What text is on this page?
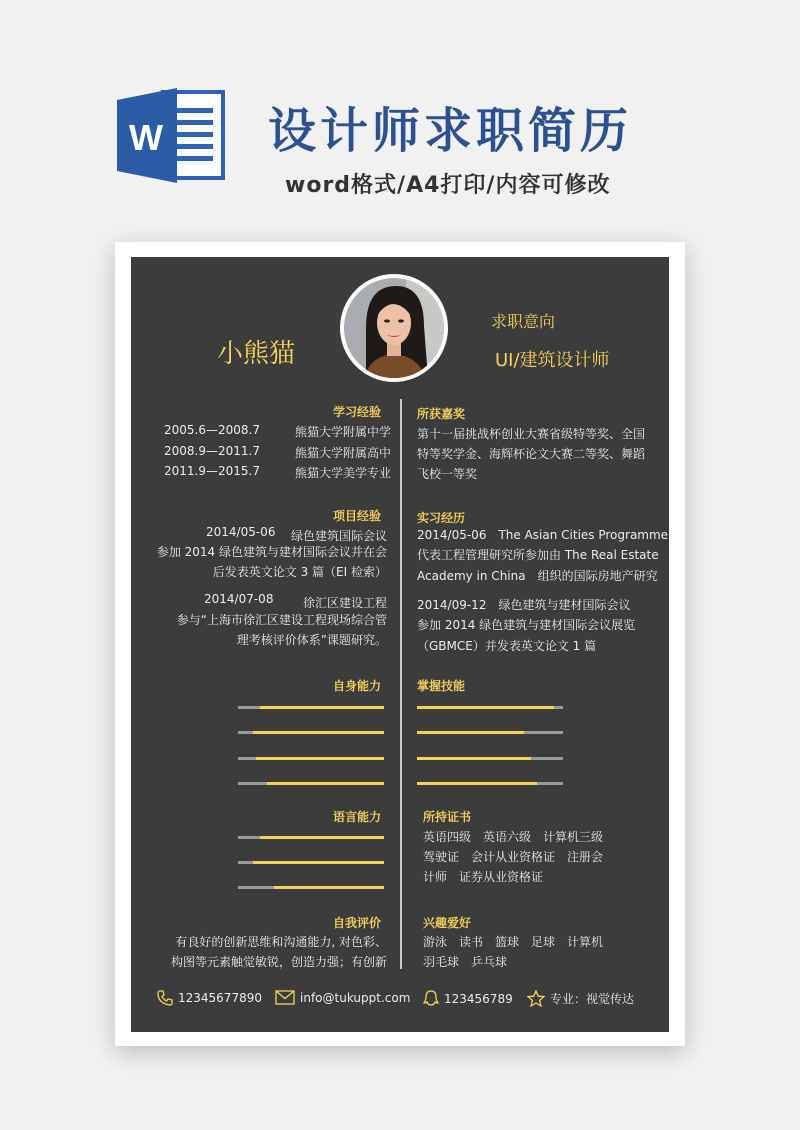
W 设计师求职简历
word格式/A4打印/内容可修改
小熊猫
求职意向
UI/建筑设计师
学习经验
2005.6—2008.7	熊猫大学附属中学
2008.9—2011.7	熊猫大学附属高中
2011.9—2015.7	熊猫大学美学专业
项目经验
2014/05-06 绿色建筑国际会议
参加 2014 绿色建筑与建材国际会议并在会
后发表英文论文 3 篇（EI 检索）
2014/07-08 徐汇区建设工程
参与“上海市徐汇区建设工程现场综合管
理考核评价体系”课题研究。
所获嘉奖
第十一届挑战杯创业大赛省级特等奖、全国
特等奖学金、海辉杯论文大赛二等奖、舞蹈
飞校一等奖
实习经历
2014/05-06　The Asian Cities Programme
代表工程管理研究所参加由 The Real Estate
Academy in China　组织的国际房地产研究
2014/09-12　绿色建筑与建材国际会议
参加 2014 绿色建筑与建材国际会议展览
（GBMCE）并发表英文论文 1 篇
自身能力	掌握技能
语言能力	所持证书
英语四级　英语六级　计算机三级
驾驶证　会计从业资格证　注册会
计师　证券从业资格证
自我评价
有良好的创新思维和沟通能力, 对色彩、
构图等元素触觉敏锐，创造力强；有创新
兴趣爱好
游泳　读书　篮球　足球　计算机
羽毛球　乒乓球
12345677890	info@tukuppt.com	123456789	专业：视觉传达
